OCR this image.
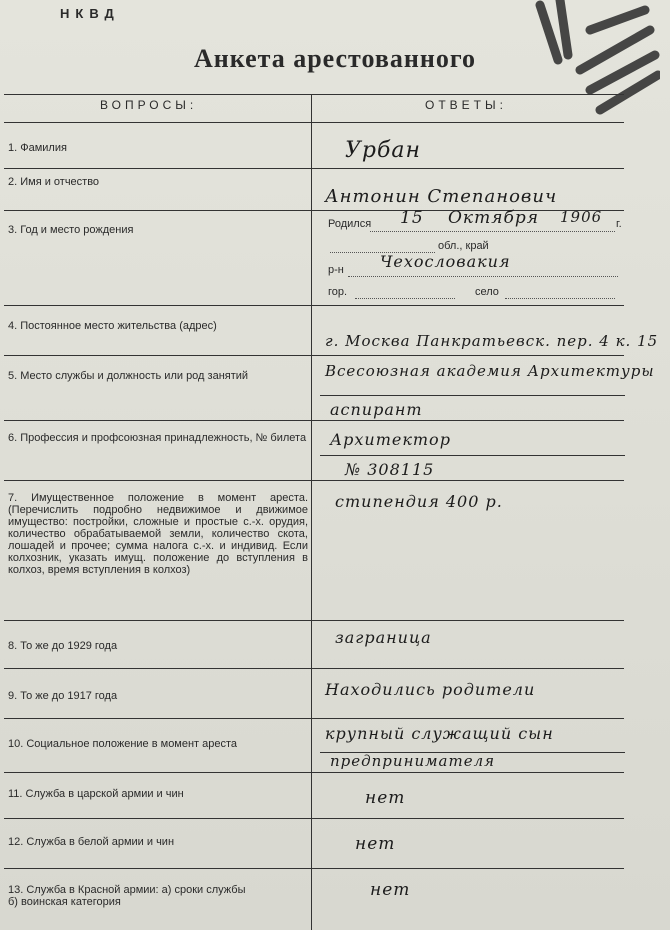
НКВД
Анкета арестованного
ВОПРОСЫ:	ОТВЕТЫ:
1. Фамилия
2. Имя и отчество
3. Год и место рождения
4. Постоянное место жительства (адрес)
5. Место службы и должность или род занятий
6. Профессия и профсоюзная принадлежность, № билета
7. Имущественное положение в момент ареста. (Перечислить подробно недвижимое и движимое имущество: постройки, сложные и простые с.-х. орудия, количество обрабатываемой земли, количество скота, лошадей и прочее; сумма налога с.-х. и индивид. Если колхозник, указать имущ. положение до вступления в колхоз, время вступления в колхоз)
8. То же до 1929 года
9. То же до 1917 года
10. Социальное положение в момент ареста
11. Служба в царской армии и чин
12. Служба в белой армии и чин
13. Служба в Красной армии: а) сроки службы б) воинская категория
Урбан
Антонин Степанович
Родился 15 Октября 1906 г.
обл., край
р-н Чехословакия
гор.	село
г. Москва Панкратьевск. пер. 4 к. 15
Всесоюзная академия Архитектуры
аспирант
Архитектор
№ 308115
стипендия 400 р.
заграница
Находились родители
крупный служащий сын
предпринимателя
нет
нет
нет
